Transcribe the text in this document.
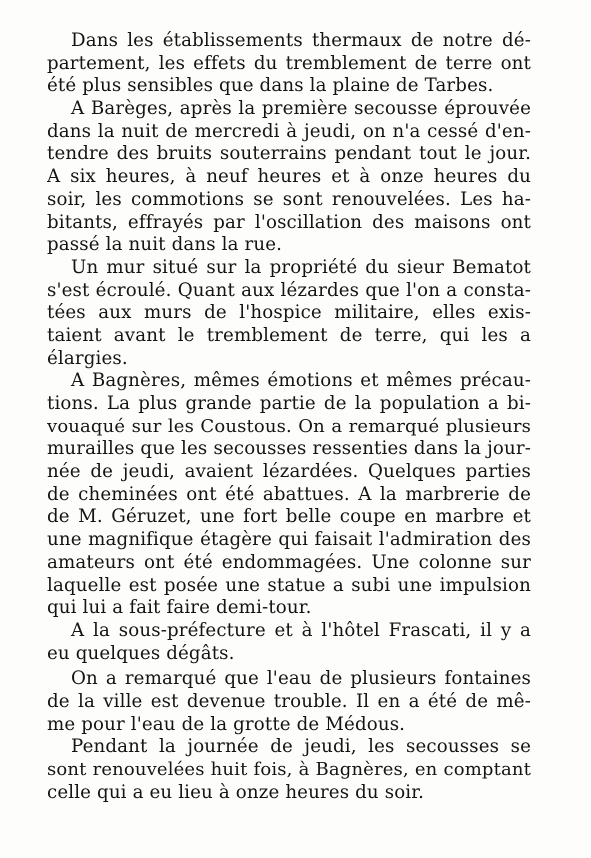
Dans les établissements thermaux de notre dé-
partement, les effets du tremblement de terre ont
été plus sensibles que dans la plaine de Tarbes.
A Barèges, après la première secousse éprouvée
dans la nuit de mercredi à jeudi, on n'a cessé d'en-
tendre des bruits souterrains pendant tout le jour.
A six heures, à neuf heures et à onze heures du
soir, les commotions se sont renouvelées. Les ha-
bitants, effrayés par l'oscillation des maisons ont
passé la nuit dans la rue.
Un mur situé sur la propriété du sieur Bematot
s'est écroulé. Quant aux lézardes que l'on a consta-
tées aux murs de l'hospice militaire, elles exis-
taient avant le tremblement de terre, qui les a
élargies.
A Bagnères, mêmes émotions et mêmes précau-
tions. La plus grande partie de la population a bi-
vouaqué sur les Coustous. On a remarqué plusieurs
murailles que les secousses ressenties dans la jour-
née de jeudi, avaient lézardées. Quelques parties
de cheminées ont été abattues. A la marbrerie de
de M. Géruzet, une fort belle coupe en marbre et
une magnifique étagère qui faisait l'admiration des
amateurs ont été endommagées. Une colonne sur
laquelle est posée une statue a subi une impulsion
qui lui a fait faire demi-tour.
A la sous-préfecture et à l'hôtel Frascati, il y a
eu quelques dégâts.
On a remarqué que l'eau de plusieurs fontaines
de la ville est devenue trouble. Il en a été de mê-
me pour l'eau de la grotte de Médous.
Pendant la journée de jeudi, les secousses se
sont renouvelées huit fois, à Bagnères, en comptant
celle qui a eu lieu à onze heures du soir.
